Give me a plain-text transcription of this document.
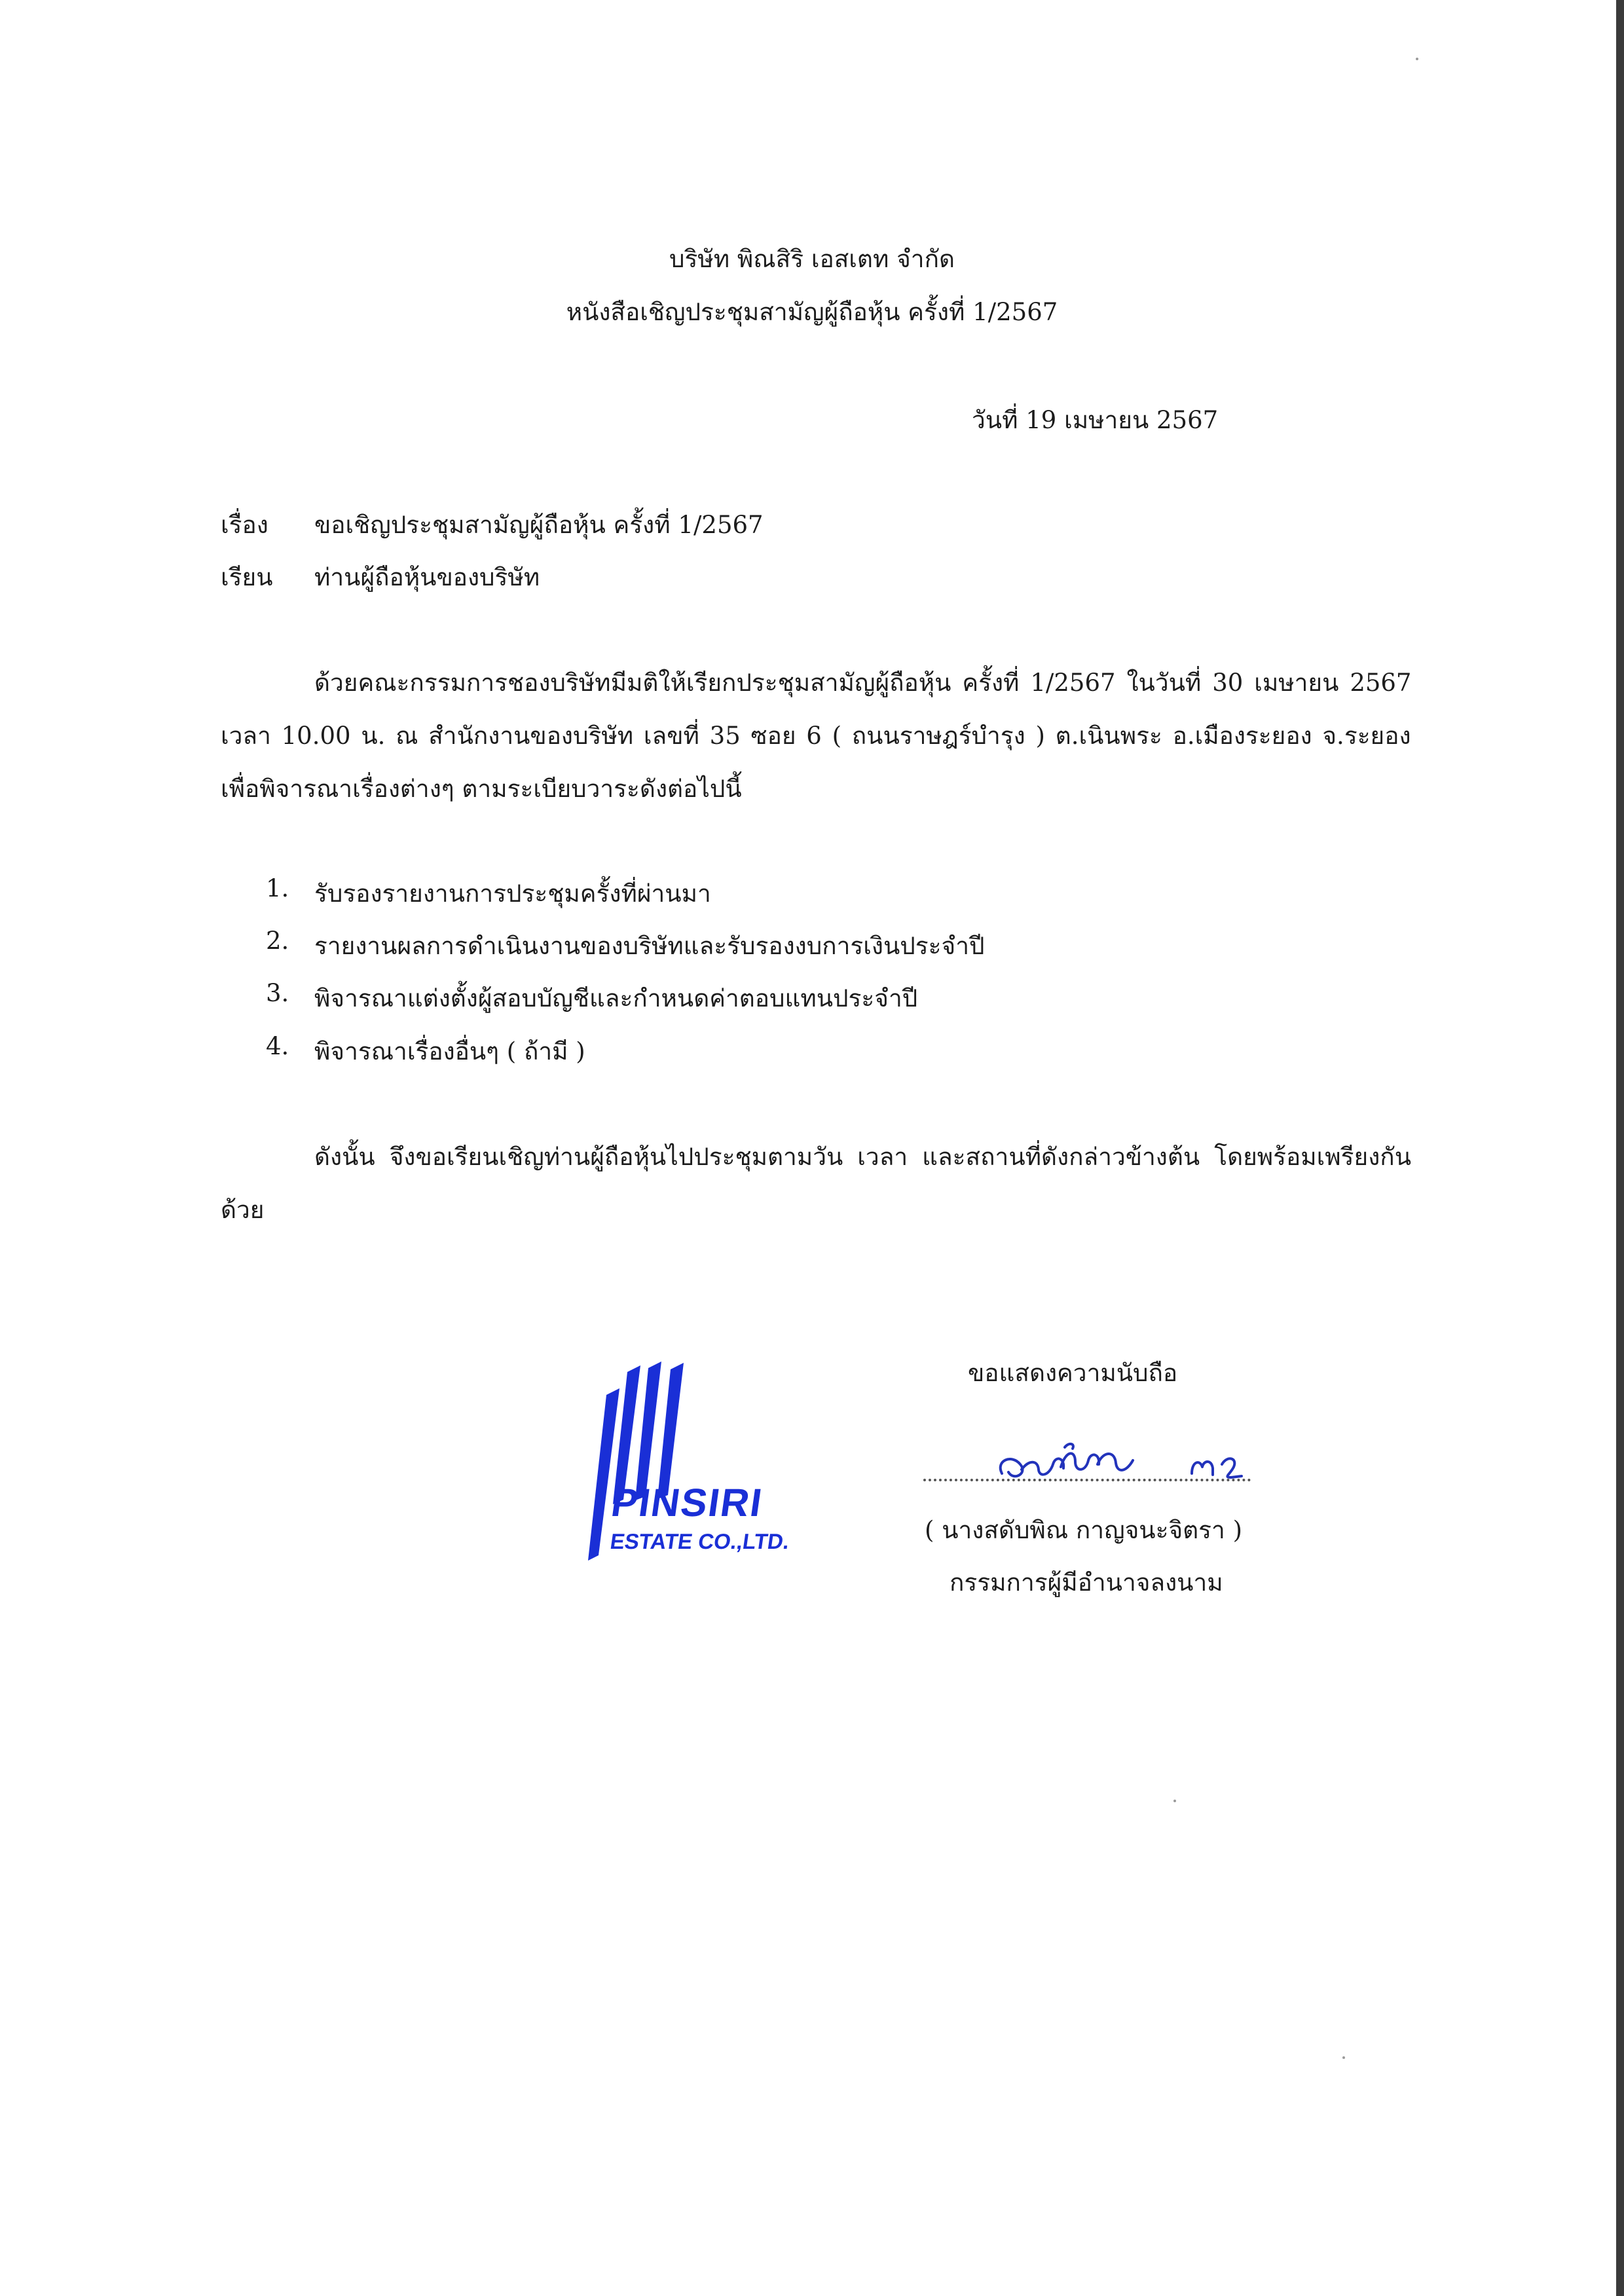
บริษัท พิณสิริ เอสเตท จำกัด
หนังสือเชิญประชุมสามัญผู้ถือหุ้น ครั้งที่ 1/2567
วันที่ 19 เมษายน 2567
เรื่อง ขอเชิญประชุมสามัญผู้ถือหุ้น ครั้งที่ 1/2567
เรียน ท่านผู้ถือหุ้นของบริษัท
ด้วยคณะกรรมการชองบริษัทมีมติให้เรียกประชุมสามัญผู้ถือหุ้น ครั้งที่ 1/2567 ในวันที่ 30 เมษายน 2567
เวลา 10.00 น. ณ สำนักงานของบริษัท เลขที่ 35 ซอย 6 ( ถนนราษฎร์บำรุง ) ต.เนินพระ อ.เมืองระยอง จ.ระยอง
เพื่อพิจารณาเรื่องต่างๆ ตามระเบียบวาระดังต่อไปนี้
1. รับรองรายงานการประชุมครั้งที่ผ่านมา
2. รายงานผลการดำเนินงานของบริษัทและรับรองงบการเงินประจำปี
3. พิจารณาแต่งตั้งผู้สอบบัญชีและกำหนดค่าตอบแทนประจำปี
4. พิจารณาเรื่องอื่นๆ ( ถ้ามี )
ดังนั้น จึงขอเรียนเชิญท่านผู้ถือหุ้นไปประชุมตามวัน เวลา และสถานที่ดังกล่าวข้างต้น โดยพร้อมเพรียงกัน
ด้วย
PINSIRI
ESTATE CO.,LTD.
ขอแสดงความนับถือ
( นางสดับพิณ กาญจนะจิตรา )
กรรมการผู้มีอำนาจลงนาม
